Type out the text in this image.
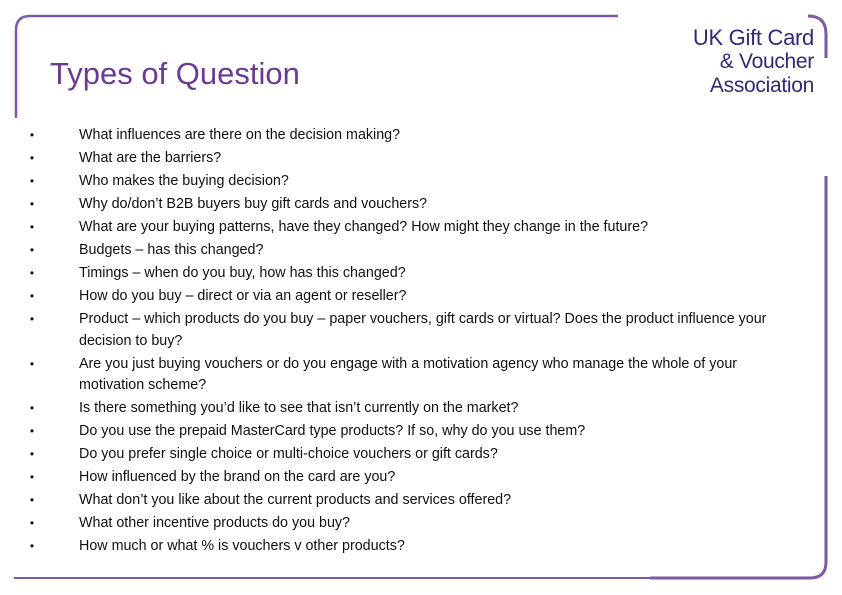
Types of Question
UK Gift Card
& Voucher
Association
•	What influences are there on the decision making?
•	What are the barriers?
•	Who makes the buying decision?
•	Why do/don’t B2B buyers buy gift cards and vouchers?
•	What are your buying patterns, have they changed? How might they change in the future?
•	Budgets – has this changed?
•	Timings – when do you buy, how has this changed?
•	How do you buy – direct or via an agent or reseller?
•	Product – which products do you buy – paper vouchers, gift cards or virtual? Does the product influence your decision to buy?
•	Are you just buying vouchers or do you engage with a motivation agency who manage the whole of your motivation scheme?
•	Is there something you’d like to see that isn’t currently on the market?
•	Do you use the prepaid MasterCard type products? If so, why do you use them?
•	Do you prefer single choice or multi-choice vouchers or gift cards?
•	How influenced by the brand on the card are you?
•	What don’t you like about the current products and services offered?
•	What other incentive products do you buy?
•	How much or what % is vouchers v other products?
